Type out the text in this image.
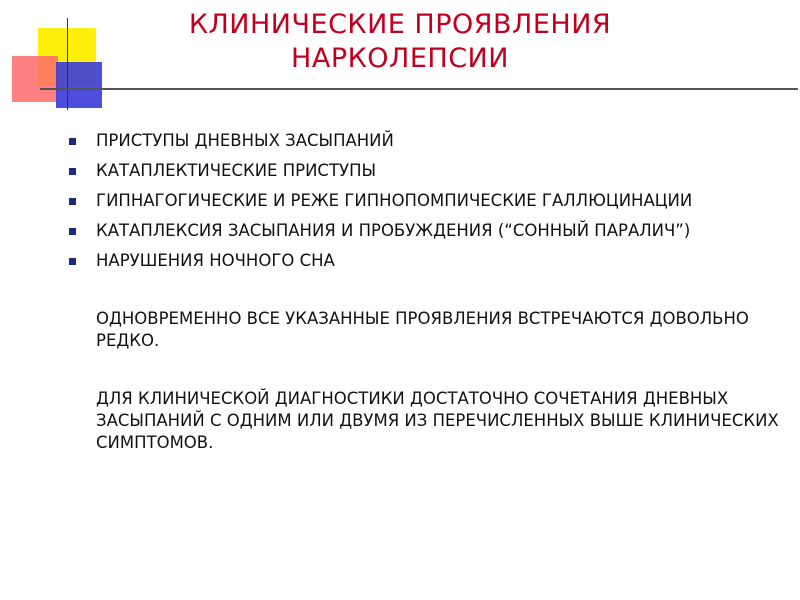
КЛИНИЧЕСКИЕ ПРОЯВЛЕНИЯ
НАРКОЛЕПСИИ
ПРИСТУПЫ ДНЕВНЫХ ЗАСЫПАНИЙ
КАТАПЛЕКТИЧЕСКИЕ ПРИСТУПЫ
ГИПНАГОГИЧЕСКИЕ И РЕЖЕ ГИПНОПОМПИЧЕСКИЕ ГАЛЛЮЦИНАЦИИ
КАТАПЛЕКСИЯ ЗАСЫПАНИЯ И ПРОБУЖДЕНИЯ (“СОННЫЙ ПАРАЛИЧ”)
НАРУШЕНИЯ НОЧНОГО СНА

ОДНОВРЕМЕННО ВСЕ УКАЗАННЫЕ ПРОЯВЛЕНИЯ ВСТРЕЧАЮТСЯ ДОВОЛЬНО РЕДКО.

ДЛЯ КЛИНИЧЕСКОЙ ДИАГНОСТИКИ ДОСТАТОЧНО СОЧЕТАНИЯ ДНЕВНЫХ ЗАСЫПАНИЙ С ОДНИМ ИЛИ ДВУМЯ ИЗ ПЕРЕЧИСЛЕННЫХ ВЫШЕ КЛИНИЧЕСКИХ СИМПТОМОВ.
